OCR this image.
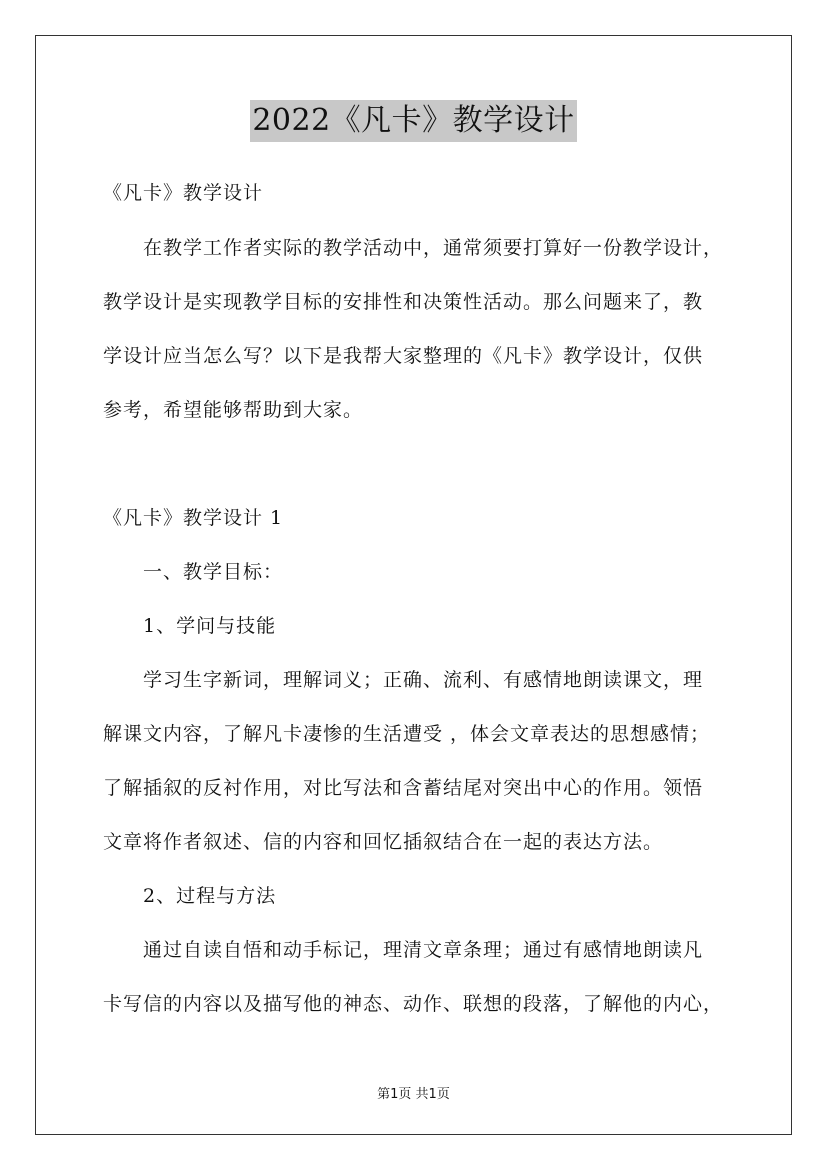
2022《凡卡》教学设计
《凡卡》教学设计
在教学工作者实际的教学活动中，通常须要打算好一份教学设计，
教学设计是实现教学目标的安排性和决策性活动。那么问题来了，教
学设计应当怎么写？以下是我帮大家整理的《凡卡》教学设计，仅供
参考，希望能够帮助到大家。
《凡卡》教学设计 1
一、教学目标：
1、学问与技能
学习生字新词，理解词义；正确、流利、有感情地朗读课文，理
解课文内容，了解凡卡凄惨的生活遭受 ，体会文章表达的思想感情；
了解插叙的反衬作用，对比写法和含蓄结尾对突出中心的作用。领悟
文章将作者叙述、信的内容和回忆插叙结合在一起的表达方法。
2、过程与方法
通过自读自悟和动手标记，理清文章条理；通过有感情地朗读凡
卡写信的内容以及描写他的神态、动作、联想的段落，了解他的内心，
第1页 共1页
